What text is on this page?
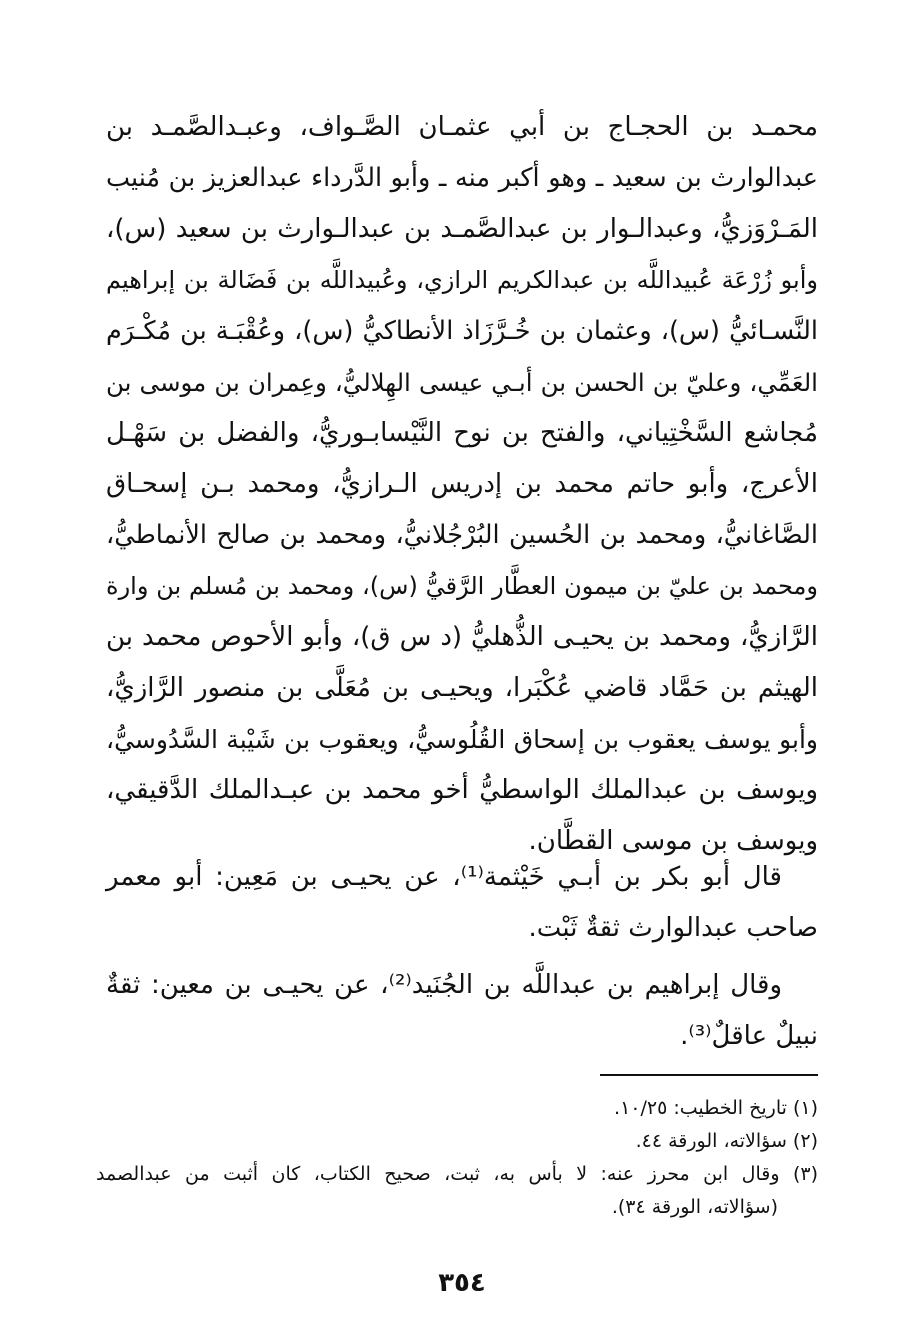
محمـد بن الحجـاج بن أبي عثمـان الصَّـواف، وعبـدالصَّمـد بن
عبدالوارث بن سعيد ـ وهو أكبر منه ـ وأبو الدَّرداء عبدالعزيز بن مُنيب
المَـرْوَزيُّ، وعبدالـوار بن عبدالصَّمـد بن عبدالـوارث بن سعيد (س)،
وأبو زُرْعَة عُبيداللَّه بن عبدالكريم الرازي، وعُبيداللَّه بن فَضَالة بن إبراهيم
النَّسـائيُّ (س)، وعثمان بن خُـرَّزَاذ الأنطاكيُّ (س)، وعُقْبَـة بن مُكْـرَم
العَمِّي، وعليّ بن الحسن بن أبـي عيسى الهِلاليُّ، وعِمران بن موسى بن
مُجاشع السَّخْتِياني، والفتح بن نوح النَّيْسابـوريُّ، والفضل بن سَهْـل
الأعرج، وأبو حاتم محمد بن إدريس الـرازيُّ، ومحمد بـن إسحـاق
الصَّاغانيُّ، ومحمد بن الحُسين البُرْجُلانيُّ، ومحمد بن صالح الأنماطيُّ،
ومحمد بن عليّ بن ميمون العطَّار الرَّقيُّ (س)، ومحمد بن مُسلم بن وارة
الرَّازيُّ، ومحمد بن يحيـى الذُّهليُّ (د س ق)، وأبو الأحوص محمد بن
الهيثم بن حَمَّاد قاضي عُكْبَرا، ويحيـى بن مُعَلَّى بن منصور الرَّازيُّ،
وأبو يوسف يعقوب بن إسحاق القُلُوسيُّ، ويعقوب بن شَيْبة السَّدُوسيُّ،
ويوسف بن عبدالملك الواسطيُّ أخو محمد بن عبـدالملك الدَّقيقي،
ويوسف بن موسى القطَّان.
قال أبو بكر بن أبـي خَيْثمة⁽¹⁾، عن يحيـى بن مَعِين: أبو معمر
صاحب عبدالوارث ثقةٌ ثَبْت.
وقال إبراهيم بن عبداللَّه بن الجُنَيد⁽²⁾، عن يحيـى بن معين: ثقةٌ
نبيلٌ عاقلٌ⁽³⁾.
(١) تاريخ الخطيب: ١٠/٢٥.
(٢) سؤالاته، الورقة ٤٤.
(٣) وقال ابن محرز عنه: لا بأس به، ثبت، صحيح الكتاب، كان أثبت من عبدالصمد
(سؤالاته، الورقة ٣٤).
٣٥٤
